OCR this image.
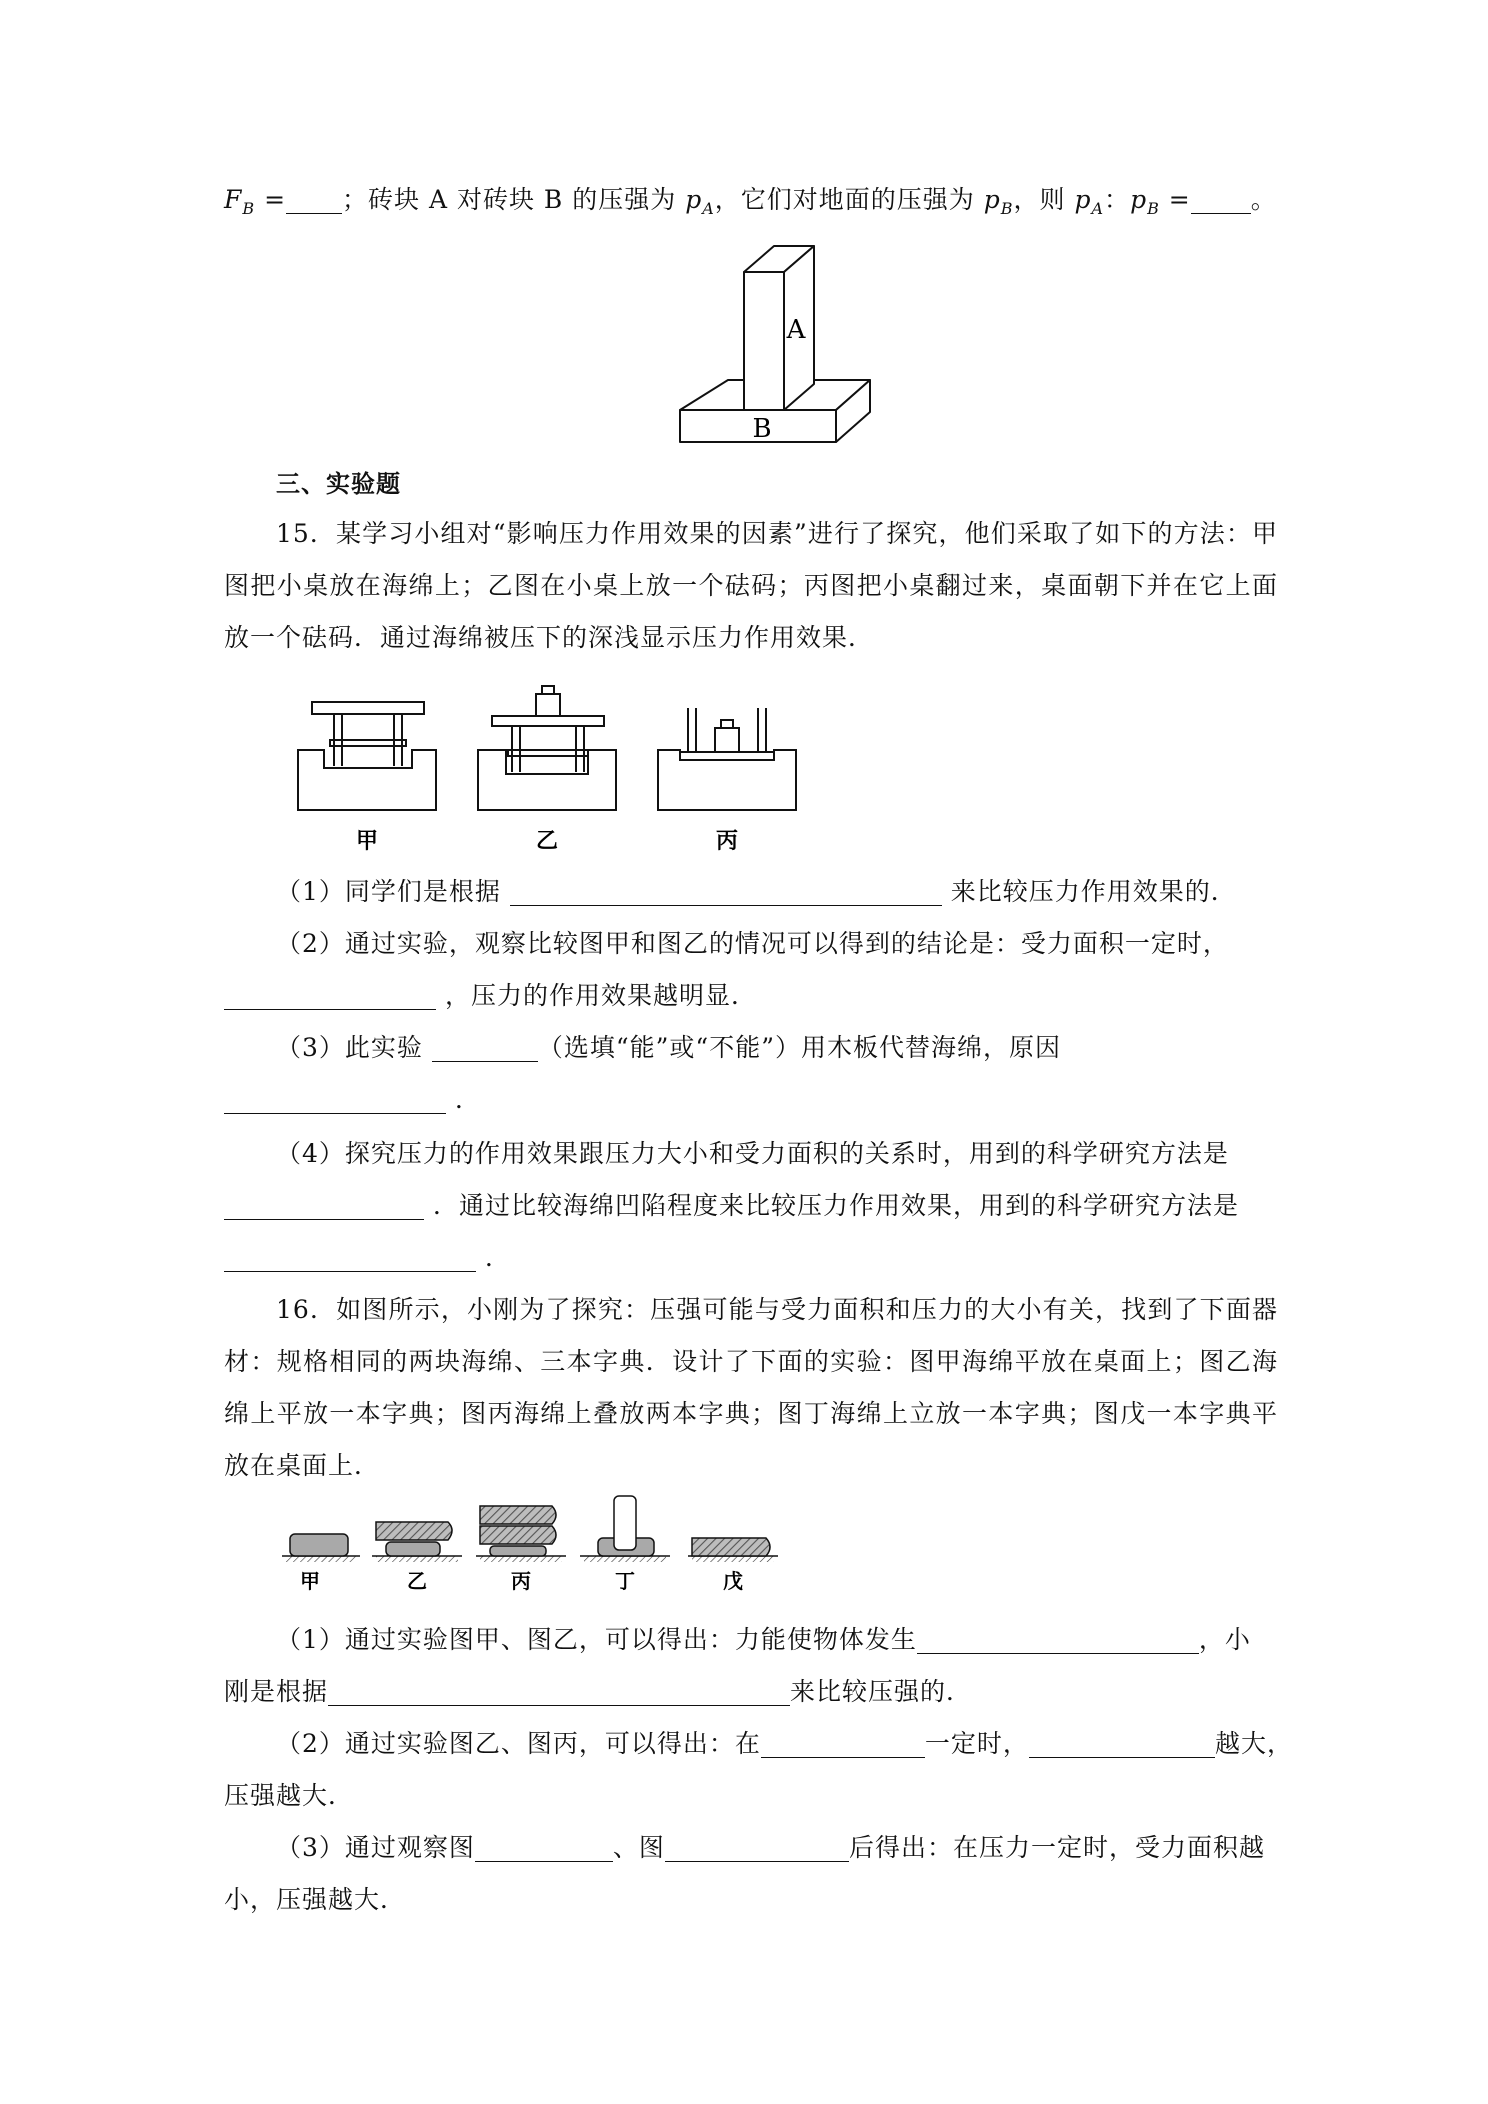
$F_B$ = ；砖块 A 对砖块 B 的压强为 $p_A$，它们对地面的压强为 $p_B$，则 $p_A$：$p_B$ = 。
A
B
三、实验题
15．某学习小组对“影响压力作用效果的因素”进行了探究，他们采取了如下的方法：甲
图把小桌放在海绵上；乙图在小桌上放一个砝码；丙图把小桌翻过来，桌面朝下并在它上面
放一个砝码．通过海绵被压下的深浅显示压力作用效果．
甲	乙	丙
（1）同学们是根据	来比较压力作用效果的．
（2）通过实验，观察比较图甲和图乙的情况可以得到的结论是：受力面积一定时，
，压力的作用效果越明显．
（3）此实验	（选填“能”或“不能”）用木板代替海绵，原因
．
（4）探究压力的作用效果跟压力大小和受力面积的关系时，用到的科学研究方法是
．通过比较海绵凹陷程度来比较压力作用效果，用到的科学研究方法是
．
16．如图所示，小刚为了探究：压强可能与受力面积和压力的大小有关，找到了下面器
材：规格相同的两块海绵、三本字典．设计了下面的实验：图甲海绵平放在桌面上；图乙海
绵上平放一本字典；图丙海绵上叠放两本字典；图丁海绵上立放一本字典；图戊一本字典平
放在桌面上．
甲	乙	丙	丁	戊
（1）通过实验图甲、图乙，可以得出：力能使物体发生	，小
刚是根据	来比较压强的．
（2）通过实验图乙、图丙，可以得出：在	一定时，	越大，
压强越大．
（3）通过观察图	、图	后得出：在压力一定时，受力面积越
小，压强越大．
